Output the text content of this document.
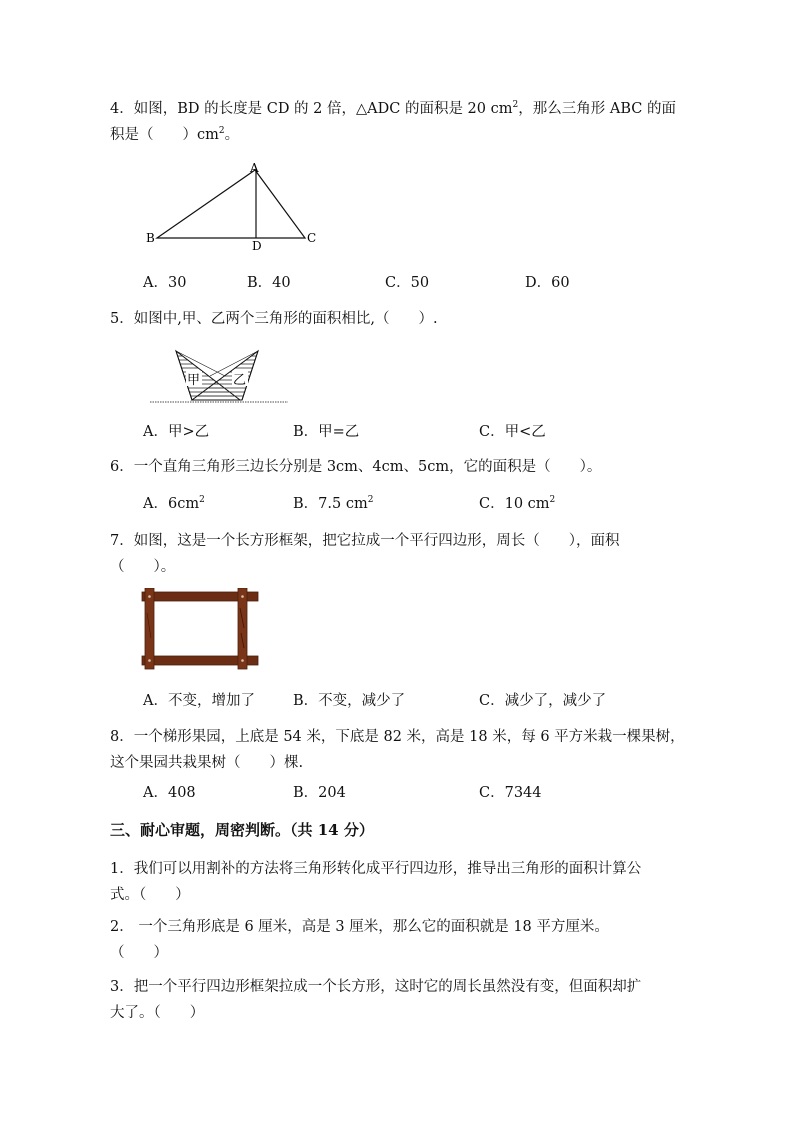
4．如图，BD 的长度是 CD 的 2 倍，△ADC 的面积是 20 $cm^2$，那么三角形 ABC 的面
积是（　　）$cm^2$。
A
B	C
D
A．30	B．40	C．50	D．60
5．如图中,甲、乙两个三角形的面积相比,（　　）.
甲	乙
A．甲>乙	B．甲=乙	C．甲<乙
6．一个直角三角形三边长分别是 3cm、4cm、5cm，它的面积是（　　）。
A．$6cm^2$	B．7.5 $cm^2$	C．10 $cm^2$
7．如图，这是一个长方形框架，把它拉成一个平行四边形，周长（　　），面积
（　　）。
A．不变，增加了	B．不变，减少了	C．减少了，减少了
8．一个梯形果园，上底是 54 米，下底是 82 米，高是 18 米，每 6 平方米栽一棵果树，
这个果园共栽果树（　　）棵.
A．408	B．204	C．7344
三、耐心审题，周密判断。（共 14 分）
1．我们可以用割补的方法将三角形转化成平行四边形，推导出三角形的面积计算公
式。（　　）
2． 一个三角形底是 6 厘米，高是 3 厘米，那么它的面积就是 18 平方厘米。
（　　）
3．把一个平行四边形框架拉成一个长方形，这时它的周长虽然没有变，但面积却扩
大了。（　　）
